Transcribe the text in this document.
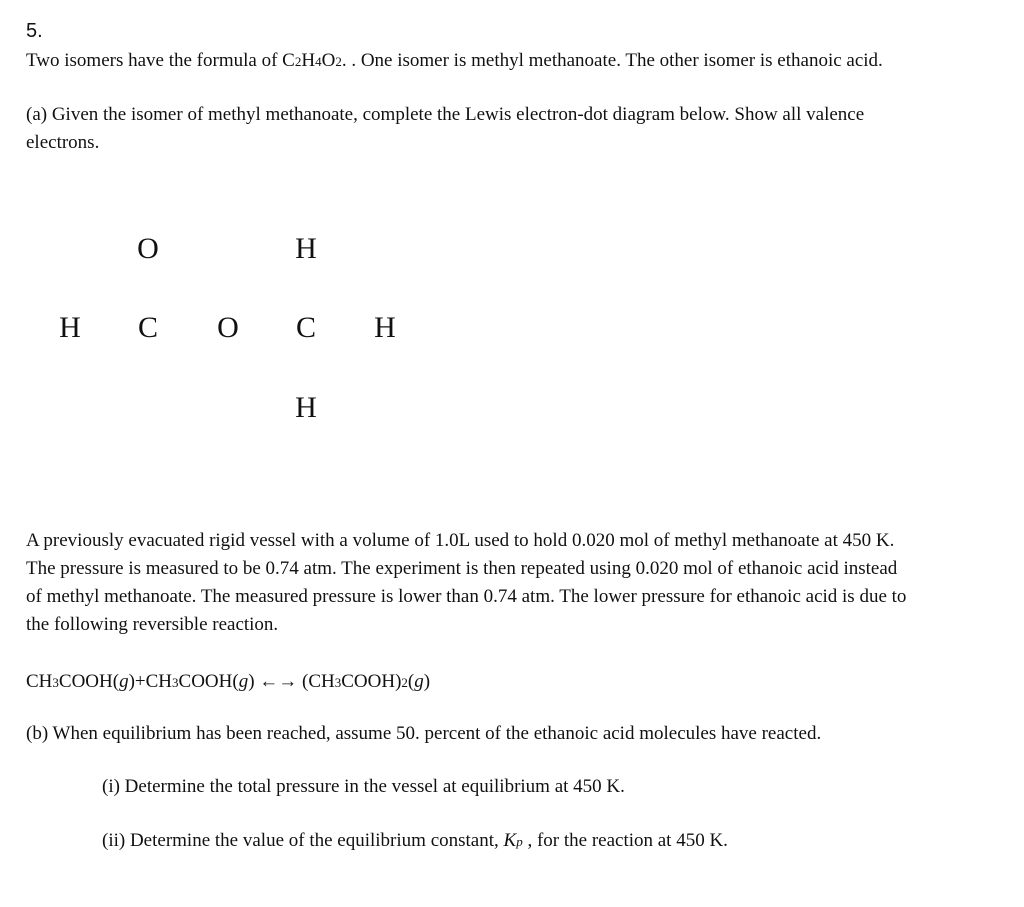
5.
Two isomers have the formula of C2H4O2. . One isomer is methyl methanoate. The other isomer is ethanoic acid.
(a) Given the isomer of methyl methanoate, complete the Lewis electron-dot diagram below. Show all valence
electrons.
O	H
H C O C H
H
A previously evacuated rigid vessel with a volume of 1.0L used to hold 0.020 mol of methyl methanoate at 450 K.
The pressure is measured to be 0.74 atm. The experiment is then repeated using 0.020 mol of ethanoic acid instead
of methyl methanoate. The measured pressure is lower than 0.74 atm. The lower pressure for ethanoic acid is due to
the following reversible reaction.
CH3COOH(g)+CH3COOH(g) ←→ (CH3COOH)2(g)
(b) When equilibrium has been reached, assume 50. percent of the ethanoic acid molecules have reacted.
(i) Determine the total pressure in the vessel at equilibrium at 450 K.
(ii) Determine the value of the equilibrium constant, Kp , for the reaction at 450 K.
